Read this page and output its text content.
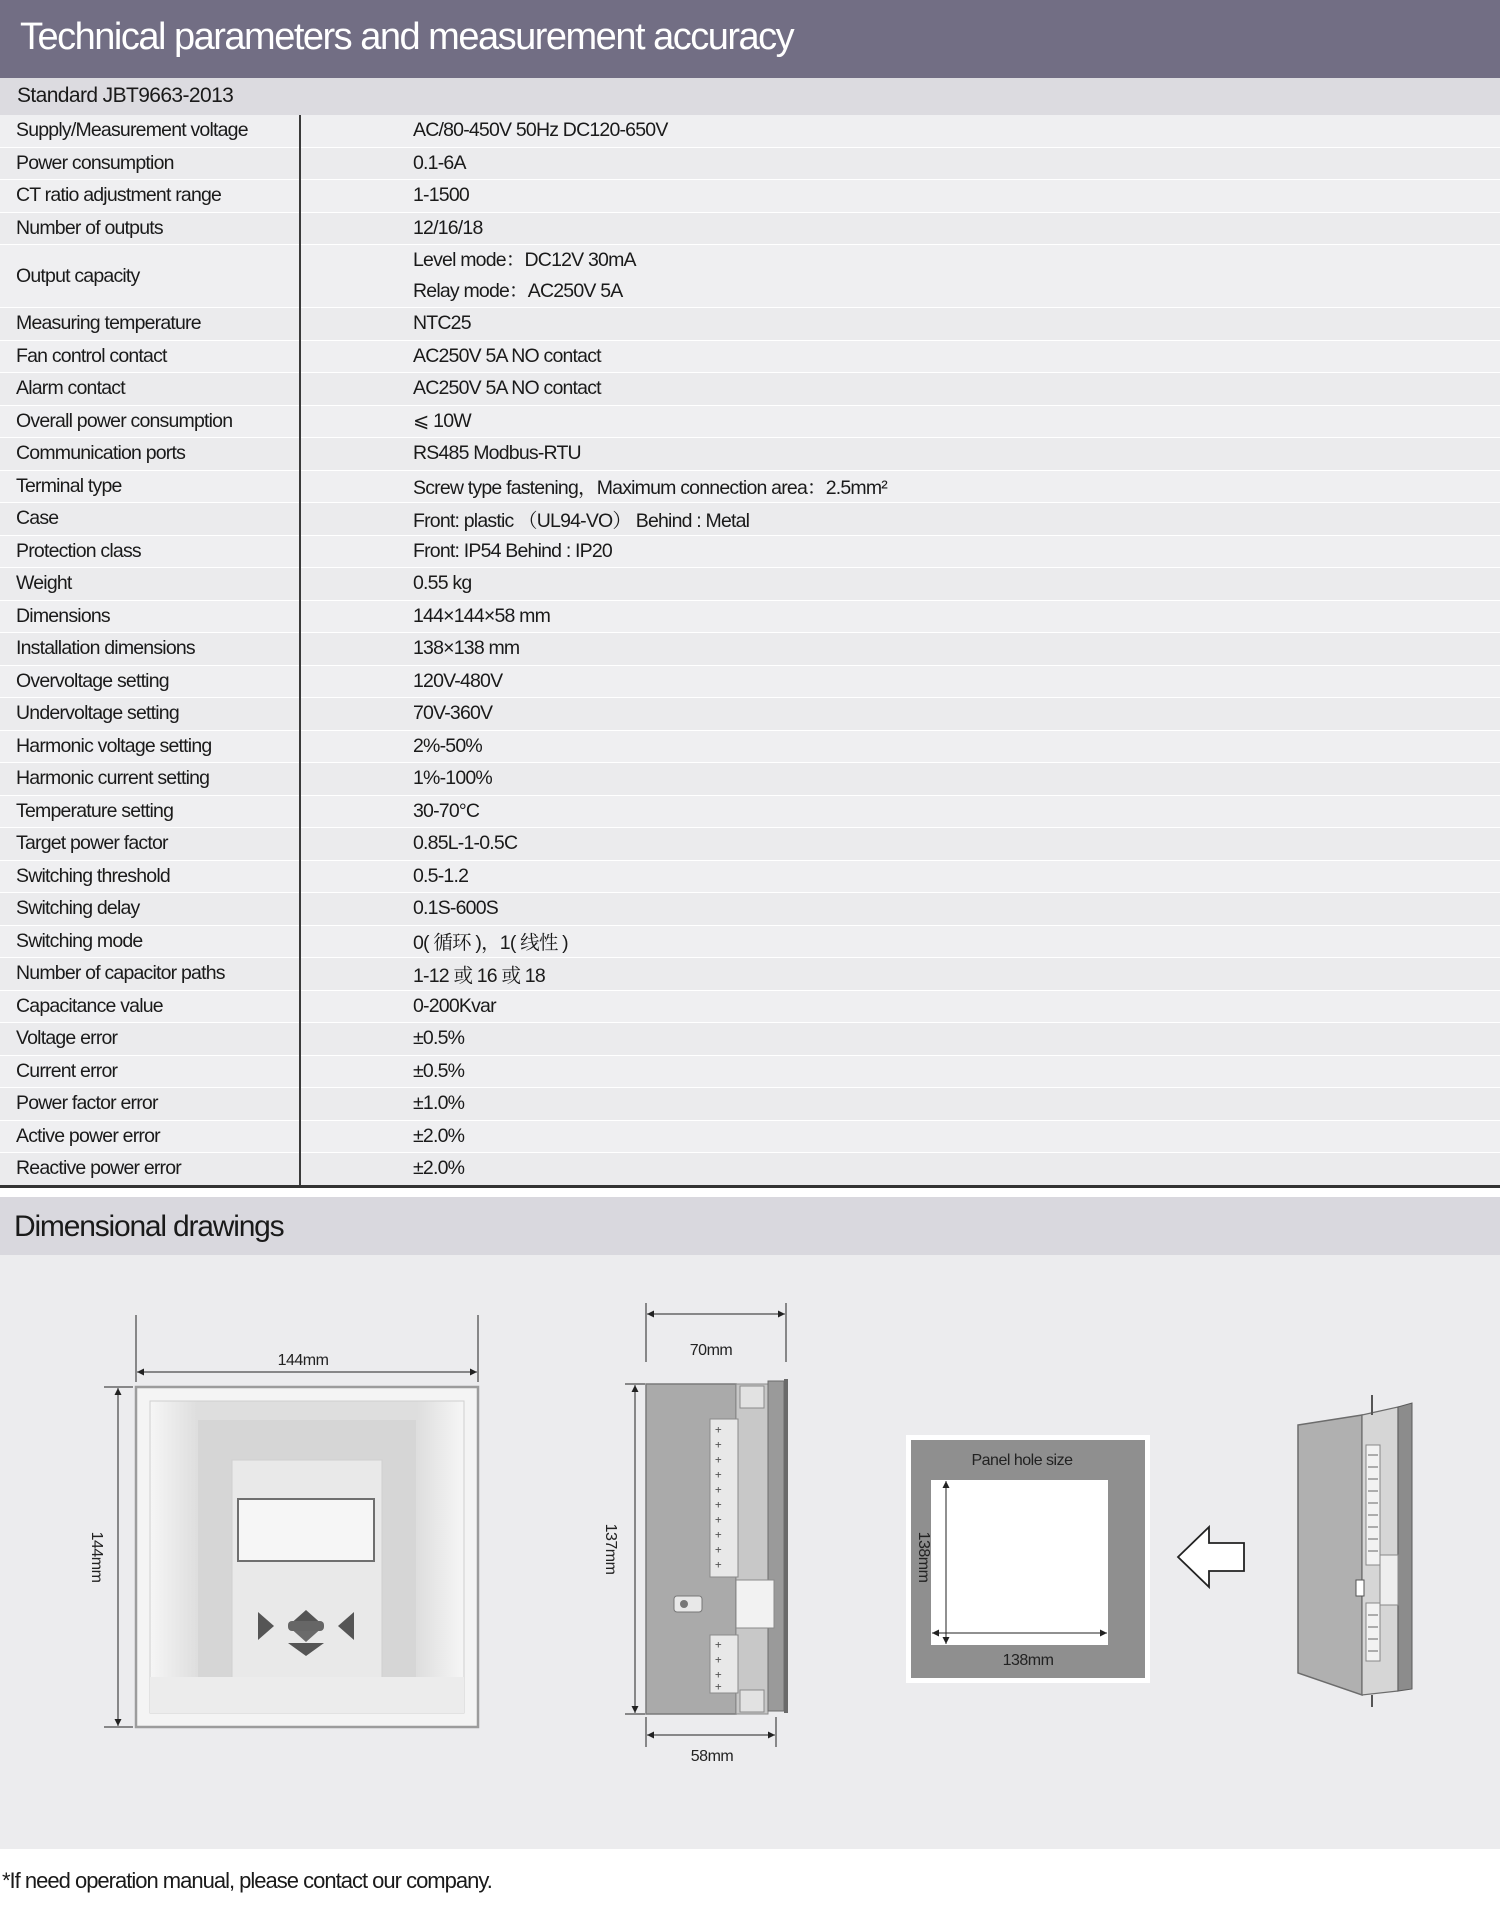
Technical parameters and measurement accuracy
Standard JBT9663-2013
Supply/Measurement voltage	AC/80-450V 50Hz DC120-650V
Power consumption	0.1-6A
CT ratio adjustment range	1-1500
Number of outputs	12/16/18
Output capacity	Level mode：DC12V 30mA
Relay mode：AC250V 5A

Measuring temperature	NTC25
Fan control contact	AC250V 5A NO contact
Alarm contact	AC250V 5A NO contact
Overall power consumption	⩽ 10W
Communication ports	RS485 Modbus-RTU
Terminal type	Screw type fastening，Maximum connection area：2.5mm²
Case	Front: plastic （UL94-VO） Behind : Metal
Protection class	Front: IP54 Behind : IP20
Weight	0.55 kg
Dimensions	144×144×58 mm
Installation dimensions	138×138 mm
Overvoltage setting	120V-480V
Undervoltage setting	70V-360V
Harmonic voltage setting	2%-50%
Harmonic current setting	1%-100%
Temperature setting	30-70°C
Target power factor	0.85L-1-0.5C
Switching threshold	0.5-1.2
Switching delay	0.1S-600S
Switching mode	0( 循环 )，1( 线性 )
Number of capacitor paths	1-12 或 16 或 18
Capacitance value	0-200Kvar
Voltage error	±0.5%
Current error	±0.5%
Power factor error	±1.0%
Active power error	±2.0%
Reactive power error	±2.0%
Dimensional drawings
144mm
144mm
70mm
137mm
+
+
+
+
+
+
+
+
+
+
+
+
+
+
58mm
Panel hole size
138mm
138mm
*If need operation manual, please contact our company.
